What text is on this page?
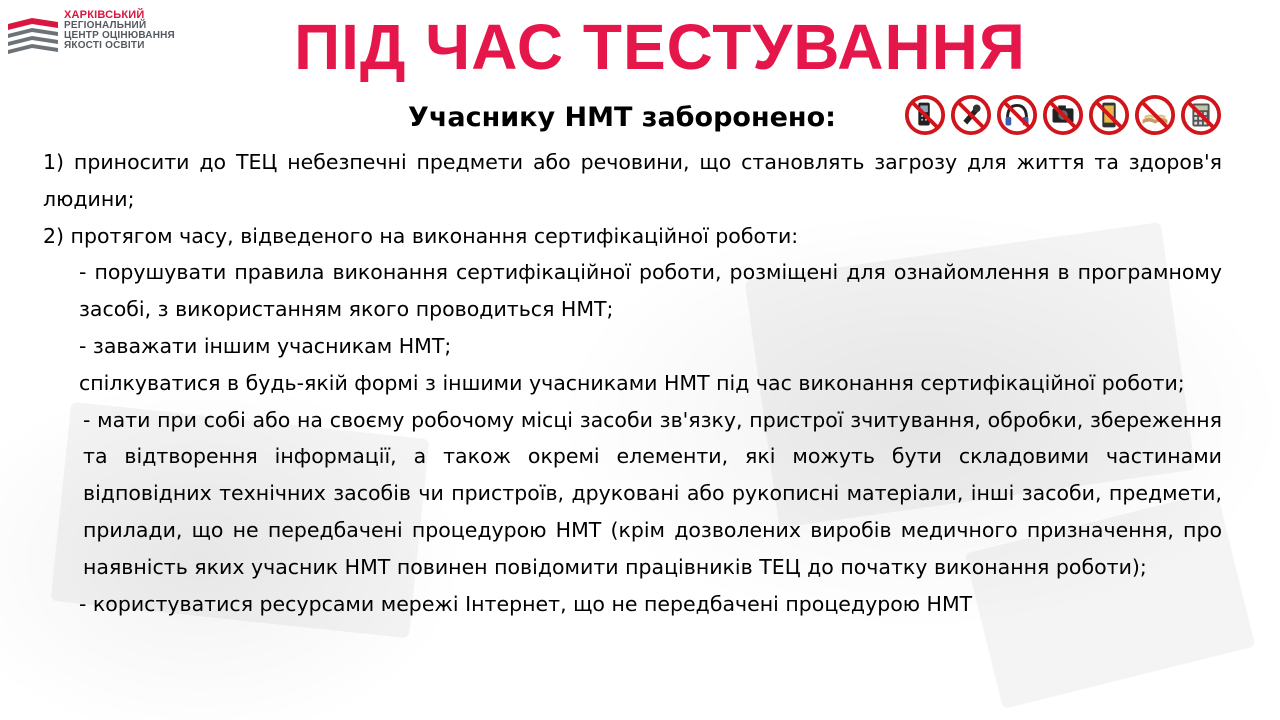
ХАРКІВСЬКИЙ
РЕГІОНАЛЬНИЙ
ЦЕНТР ОЦІНЮВАННЯ
ЯКОСТІ ОСВІТИ	ПІД ЧАС ТЕСТУВАННЯ
Учаснику НМТ заборонено:

1) приносити до ТЕЦ небезпечні предмети або речовини, що становлять загрозу для життя та здоров'я людини;

2) протягом часу, відведеного на виконання сертифікаційної роботи:

- порушувати правила виконання сертифікаційної роботи, розміщені для ознайомлення в програмному засобі, з використанням якого проводиться НМТ;

- заважати іншим учасникам НМТ;

спілкуватися в будь-якій формі з іншими учасниками НМТ під час виконання сертифікаційної роботи;

- мати при собі або на своєму робочому місці засоби зв'язку, пристрої зчитування, обробки, збереження та відтворення інформації, а також окремі елементи, які можуть бути складовими частинами відповідних технічних засобів чи пристроїв, друковані або рукописні матеріали, інші засоби, предмети, прилади, що не передбачені процедурою НМТ (крім дозволених виробів медичного призначення, про наявність яких учасник НМТ повинен повідомити працівників ТЕЦ до початку виконання роботи);

- користуватися ресурсами мережі Інтернет, що не передбачені процедурою НМТ
